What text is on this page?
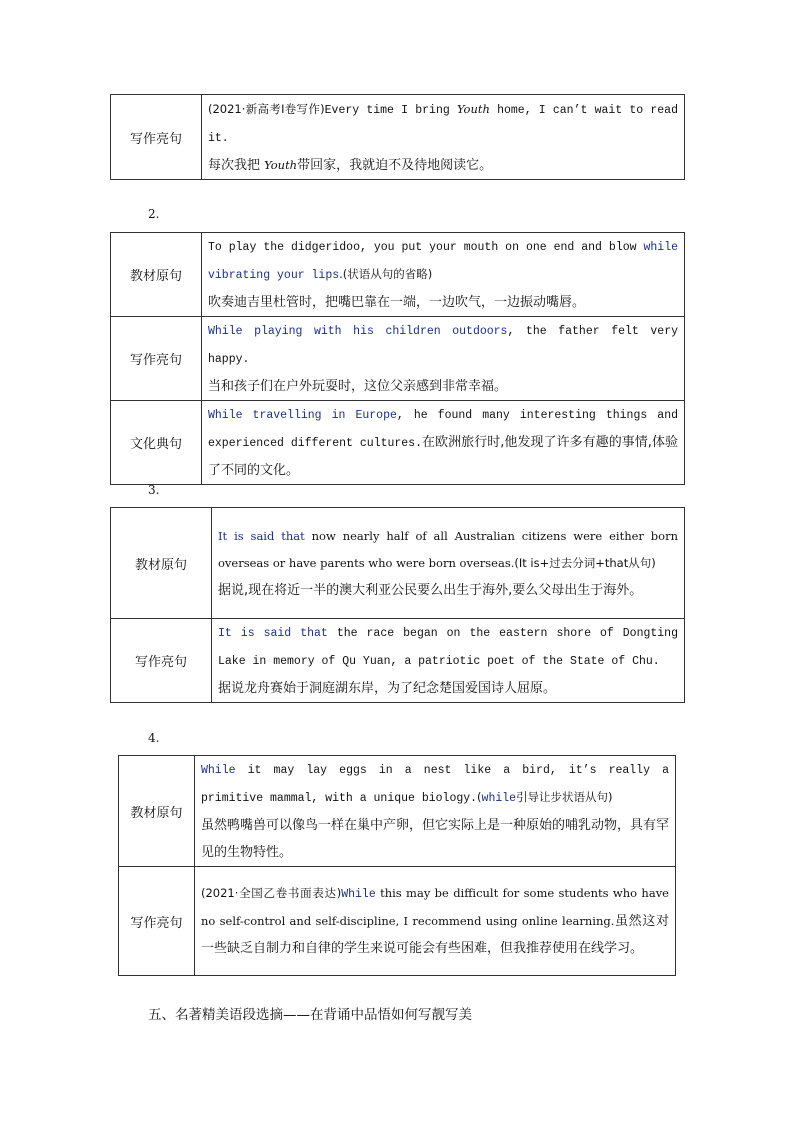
写作亮句	(2021·新高考Ⅰ卷写作)Every time I bring Youth home, I can’t wait to read it.
每次我把 Youth带回家，我就迫不及待地阅读它。
2.
教材原句	To play the didgeridoo, you put your mouth on one end and blow while vibrating your lips.(状语从句的省略)
吹奏迪吉里杜管时，把嘴巴靠在一端，一边吹气，一边振动嘴唇。
写作亮句	While playing with his children outdoors, the father felt very happy.
当和孩子们在户外玩耍时，这位父亲感到非常幸福。
文化典句	While travelling in Europe, he found many interesting things and experienced different cultures.在欧洲旅行时,他发现了许多有趣的事情,体验了不同的文化。
3.
教材原句	It is said that now nearly half of all Australian citizens were either born overseas or have parents who were born overseas.(It is+过去分词+that从句)
据说,现在将近一半的澳大利亚公民要么出生于海外,要么父母出生于海外。
写作亮句	It is said that the race began on the eastern shore of Dongting Lake in memory of Qu Yuan, a patriotic poet of the State of Chu.
据说龙舟赛始于洞庭湖东岸，为了纪念楚国爱国诗人屈原。
4.
教材原句	While it may lay eggs in a nest like a bird, it’s really a primitive mammal, with a unique biology.(while引导让步状语从句)
虽然鸭嘴兽可以像鸟一样在巢中产卵，但它实际上是一种原始的哺乳动物，具有罕见的生物特性。
写作亮句	(2021·全国乙卷书面表达)While this may be difficult for some students who have no self-control and self-discipline, I recommend using online learning.虽然这对一些缺乏自制力和自律的学生来说可能会有些困难，但我推荐使用在线学习。
五、名著精美语段选摘——在背诵中品悟如何写靓写美
